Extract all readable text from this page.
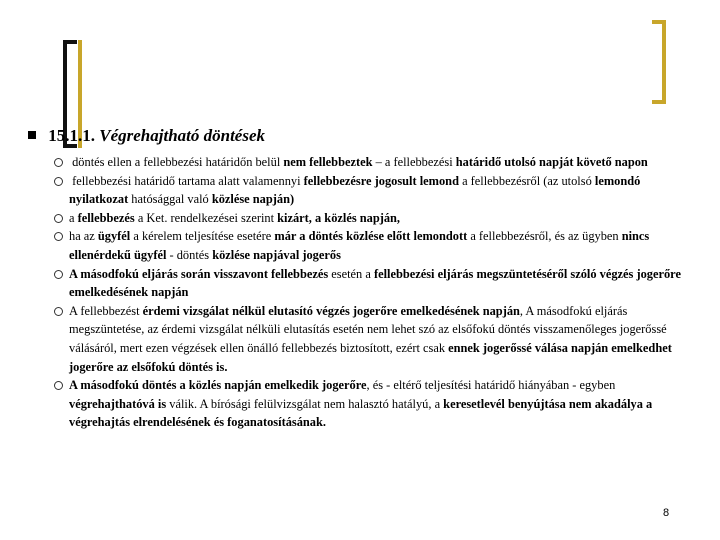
15.1.1. Végrehajtható döntések
döntés ellen a fellebbezési határidőn belül nem fellebbeztek – a fellebbezési határidő utolsó napját követő napon
fellebbezési határidő tartama alatt valamennyi fellebbezésre jogosult lemond a fellebbezésről (az utolsó lemondó nyilatkozat hatósággal való közlése napján)
a fellebbezés a Ket. rendelkezései szerint kizárt, a közlés napján,
ha az ügyfél a kérelem teljesítése esetére már a döntés közlése előtt lemondott a fellebbezésről, és az ügyben nincs ellenérdekű ügyfél - döntés közlése napjával jogerős
A másodfokú eljárás során visszavont fellebbezés esetén a fellebbezési eljárás megszüntetéséről szóló végzés jogerőre emelkedésének napján
A fellebbezést érdemi vizsgálat nélkül elutasító végzés jogerőre emelkedésének napján, A másodfokú eljárás megszüntetése, az érdemi vizsgálat nélküli elutasítás esetén nem lehet szó az elsőfokú döntés visszamenőleges jogerőssé válásáról, mert ezen végzések ellen önálló fellebbezés biztosított, ezért csak ennek jogerőssé válása napján emelkedhet jogerőre az elsőfokú döntés is.
A másodfokú döntés a közlés napján emelkedik jogerőre, és - eltérő teljesítési határidő hiányában - egyben végrehajthatóvá is válik. A bírósági felülvizsgálat nem halasztó hatályú, a keresetlevél benyújtása nem akadálya a végrehajtás elrendelésének és foganatosításának.
8
